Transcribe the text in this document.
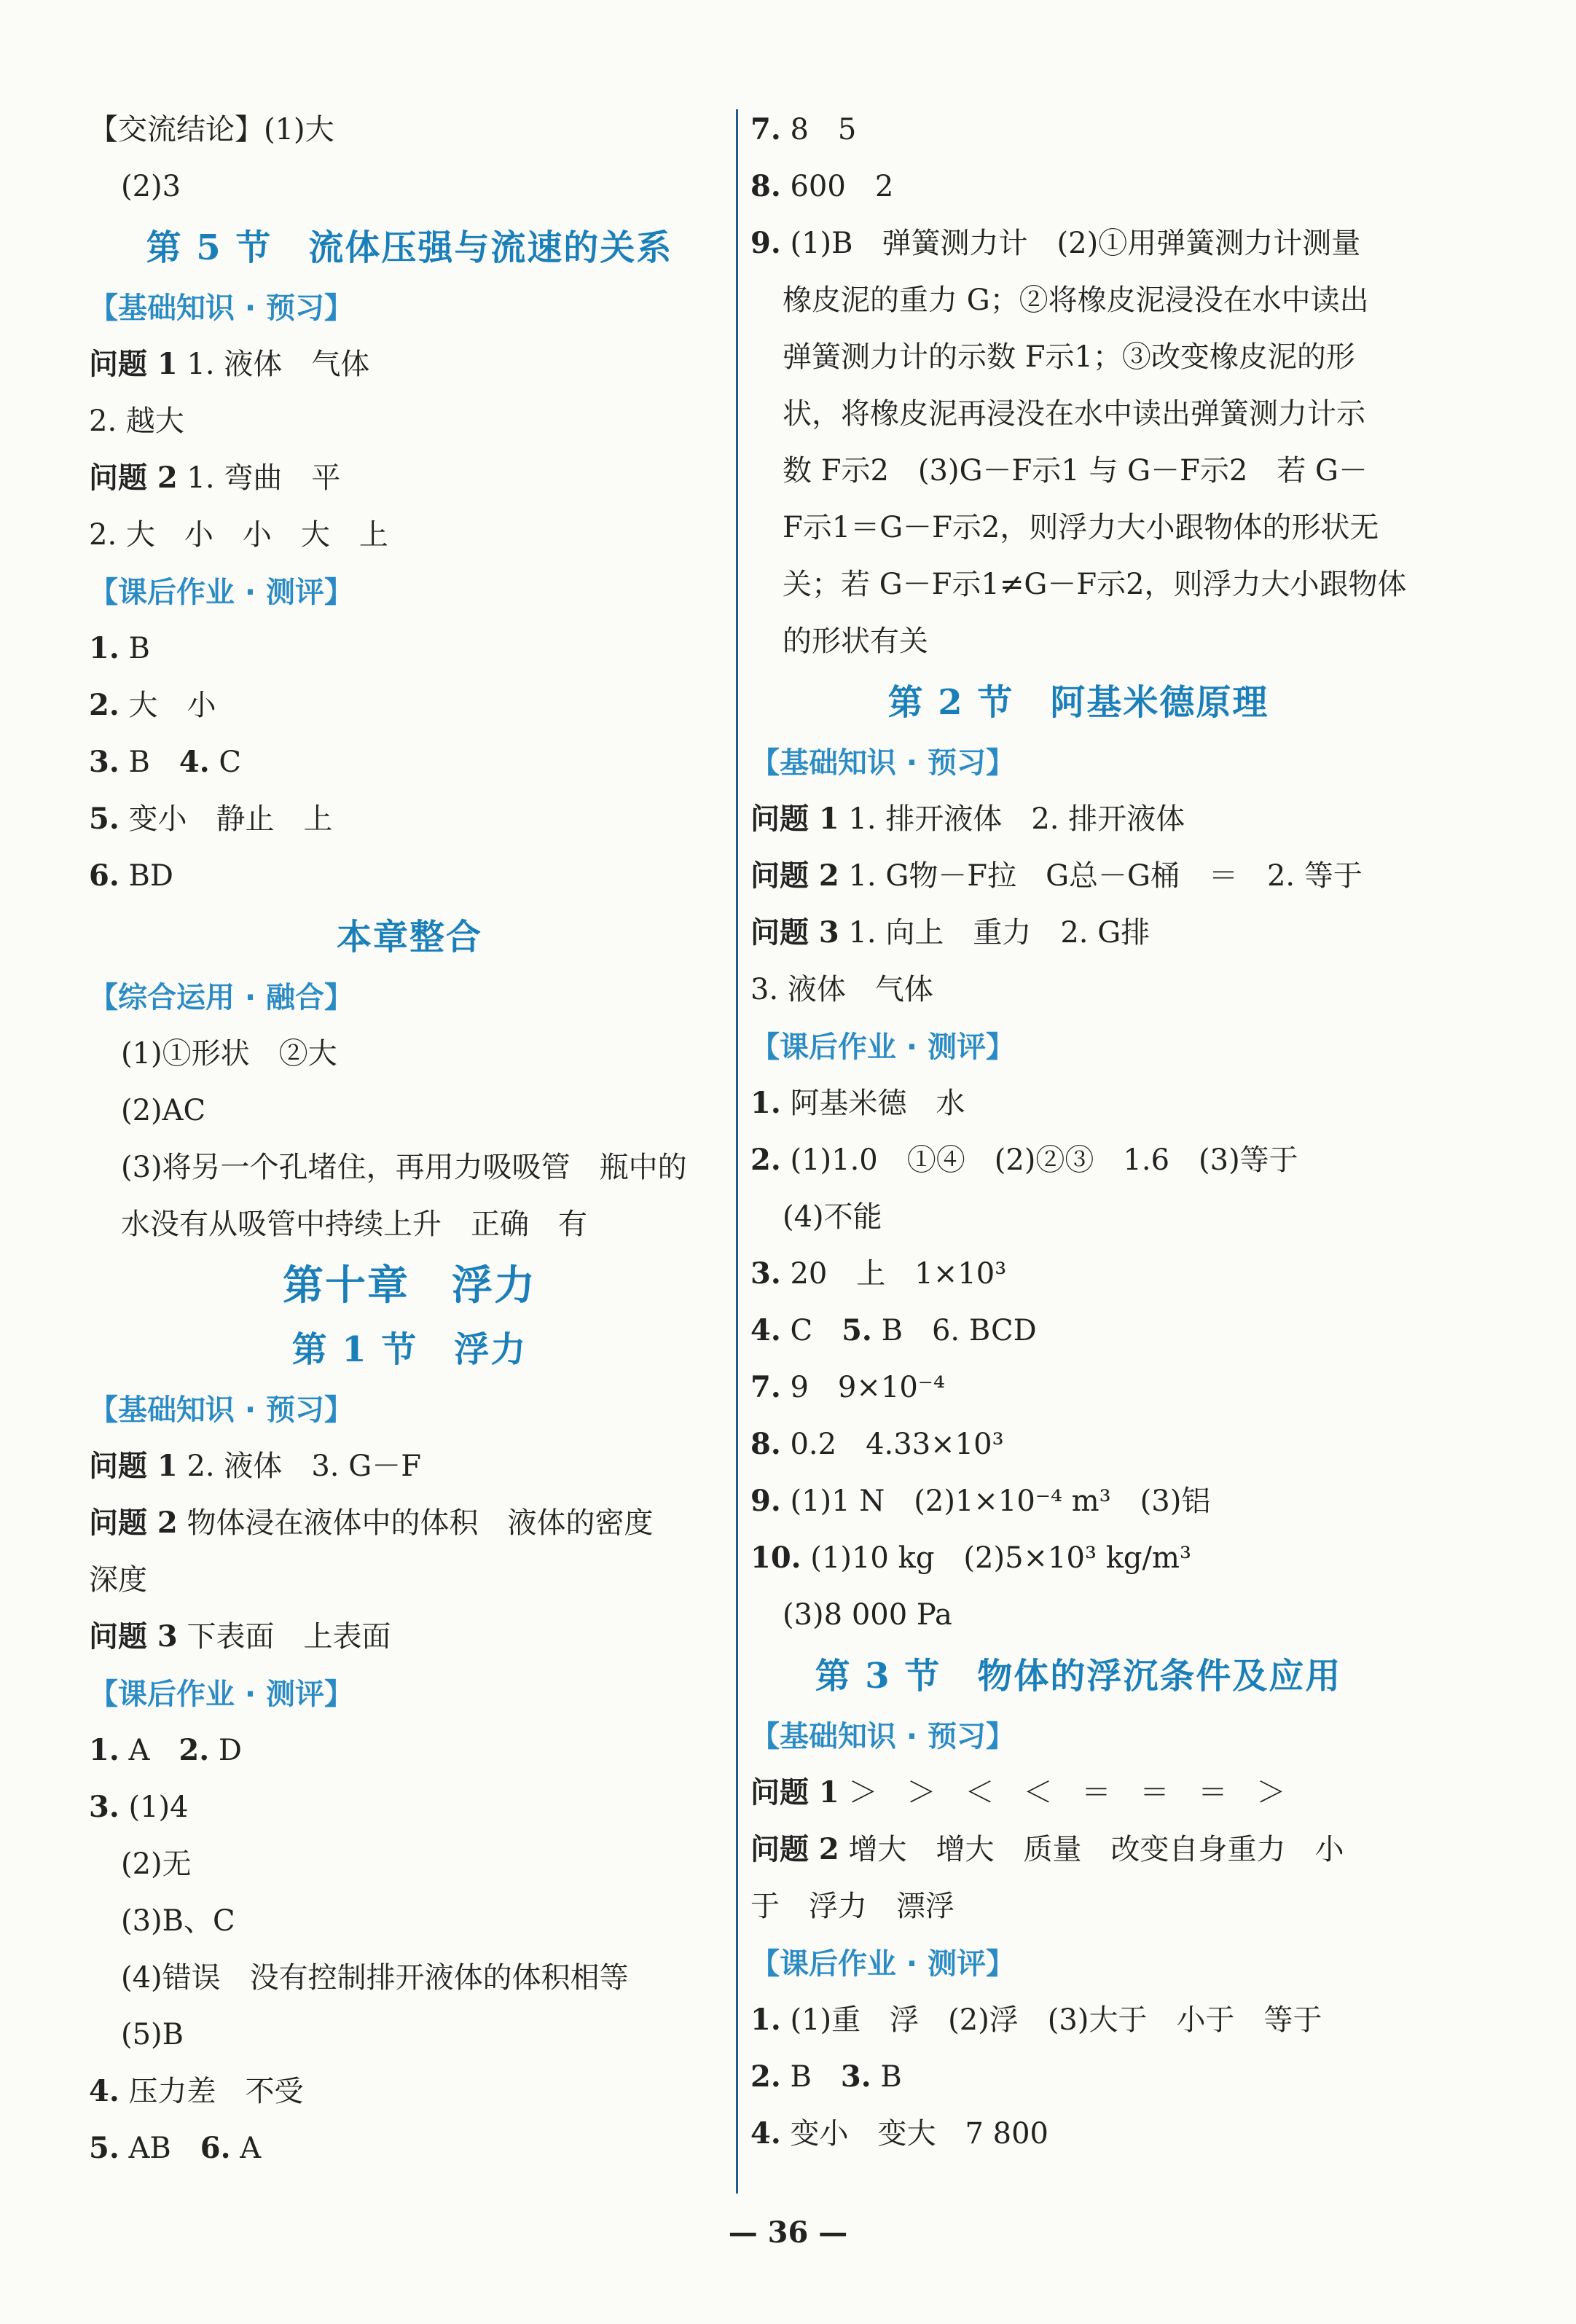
【交流结论】(1)大
(2)3
第 5 节　流体压强与流速的关系
【基础知识 · 预习】
问题 1 1. 液体　气体
2. 越大
问题 2 1. 弯曲　平
2. 大　小　小　大　上
【课后作业 · 测评】
1. B
2. 大　小
3. B　4. C
5. 变小　静止　上
6. BD
本章整合
【综合运用 · 融合】
(1)①形状　②大
(2)AC
(3)将另一个孔堵住，再用力吸吸管　瓶中的
水没有从吸管中持续上升　正确　有
第十章　浮力
第 1 节　浮力
【基础知识 · 预习】
问题 1 2. 液体　3. G－F
问题 2 物体浸在液体中的体积　液体的密度
深度
问题 3 下表面　上表面
【课后作业 · 测评】
1. A　2. D
3. (1)4
(2)无
(3)B、C
(4)错误　没有控制排开液体的体积相等
(5)B
4. 压力差　不受
5. AB　6. A
7. 8　5
8. 600　2
9. (1)B　弹簧测力计　(2)①用弹簧测力计测量
橡皮泥的重力 G；②将橡皮泥浸没在水中读出
弹簧测力计的示数 F示1；③改变橡皮泥的形
状，将橡皮泥再浸没在水中读出弹簧测力计示
数 F示2　(3)G－F示1 与 G－F示2　若 G－
F示1＝G－F示2，则浮力大小跟物体的形状无
关；若 G－F示1≠G－F示2，则浮力大小跟物体
的形状有关
第 2 节　阿基米德原理
【基础知识 · 预习】
问题 1 1. 排开液体　2. 排开液体
问题 2 1. G物－F拉　G总－G桶　＝　2. 等于
问题 3 1. 向上　重力　2. G排
3. 液体　气体
【课后作业 · 测评】
1. 阿基米德　水
2. (1)1.0　①④　(2)②③　1.6　(3)等于
(4)不能
3. 20　上　1×10³
4. C　5. B　6. BCD
7. 9　9×10⁻⁴
8. 0.2　4.33×10³
9. (1)1 N　(2)1×10⁻⁴ m³　(3)铝
10. (1)10 kg　(2)5×10³ kg/m³
(3)8 000 Pa
第 3 节　物体的浮沉条件及应用
【基础知识 · 预习】
问题 1 ＞　＞　＜　＜　＝　＝　＝　＞
问题 2 增大　增大　质量　改变自身重力　小
于　浮力　漂浮
【课后作业 · 测评】
1. (1)重　浮　(2)浮　(3)大于　小于　等于
2. B　3. B
4. 变小　变大　7 800
— 36 —
